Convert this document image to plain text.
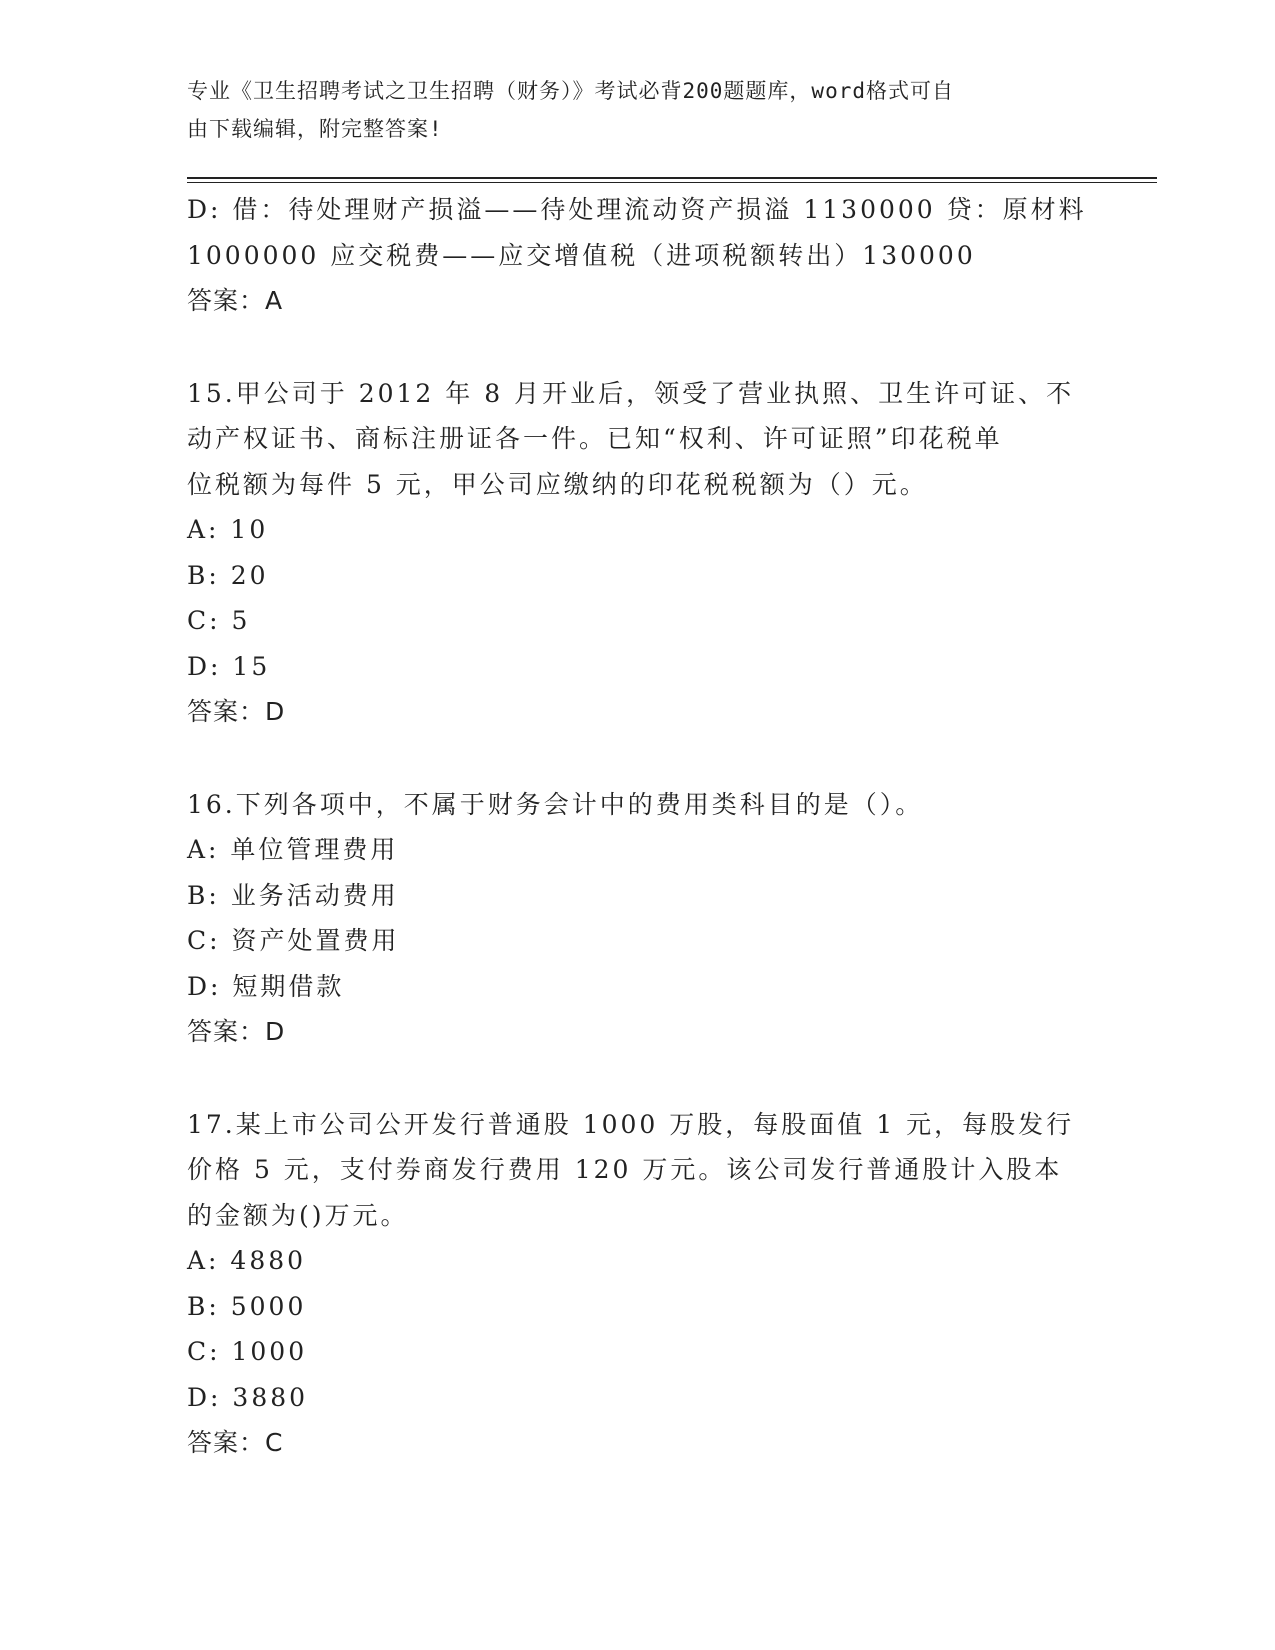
专业《卫生招聘考试之卫生招聘（财务）》考试必背200题题库，word格式可自
由下载编辑，附完整答案!
D: 借：待处理财产损溢——待处理流动资产损溢 1130000 贷：原材料
1000000 应交税费——应交增值税（进项税额转出）130000
答案：A
15.甲公司于 2012 年 8 月开业后，领受了营业执照、卫生许可证、不
动产权证书、商标注册证各一件。已知“权利、许可证照”印花税单
位税额为每件 5 元，甲公司应缴纳的印花税税额为（）元。
A: 10
B: 20
C: 5
D: 15
答案：D
16.下列各项中，不属于财务会计中的费用类科目的是（）。
A: 单位管理费用
B: 业务活动费用
C: 资产处置费用
D: 短期借款
答案：D
17.某上市公司公开发行普通股 1000 万股，每股面值 1 元，每股发行
价格 5 元，支付券商发行费用 120 万元。该公司发行普通股计入股本
的金额为()万元。
A: 4880
B: 5000
C: 1000
D: 3880
答案：C
